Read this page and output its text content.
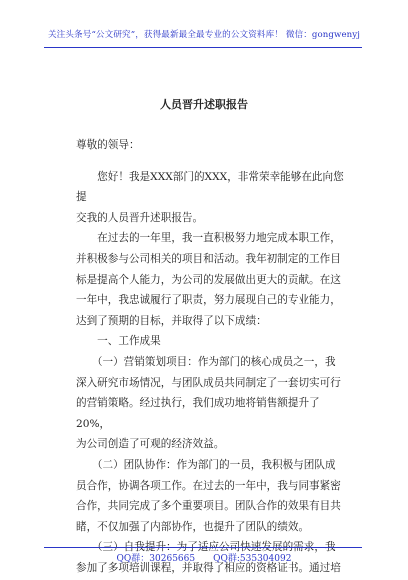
关注头条号“公文研究”，获得最新最全最专业的公文资料库！ 微信：gongwenyj
人员晋升述职报告

尊敬的领导：

　　您好！我是XXX部门的XXX，非常荣幸能够在此向您提

交我的人员晋升述职报告。

　　在过去的一年里，我一直积极努力地完成本职工作，

并积极参与公司相关的项目和活动。我年初制定的工作目

标是提高个人能力，为公司的发展做出更大的贡献。在这

一年中，我忠诚履行了职责，努力展现自己的专业能力，

达到了预期的目标，并取得了以下成绩：

　　一、工作成果

　　（一）营销策划项目：作为部门的核心成员之一，我

深入研究市场情况，与团队成员共同制定了一套切实可行

的营销策略。经过执行，我们成功地将销售额提升了20%，

为公司创造了可观的经济效益。

　　（二）团队协作：作为部门的一员，我积极与团队成

员合作，协调各项工作。在过去的一年中，我与同事紧密

合作，共同完成了多个重要项目。团队合作的效果有目共

睹，不仅加强了内部协作，也提升了团队的绩效。

　　（三）自我提升：为了适应公司快速发展的需求，我

参加了多项培训课程，并取得了相应的资格证书。通过培

QQ群：30265665　　QQ群:535304092
